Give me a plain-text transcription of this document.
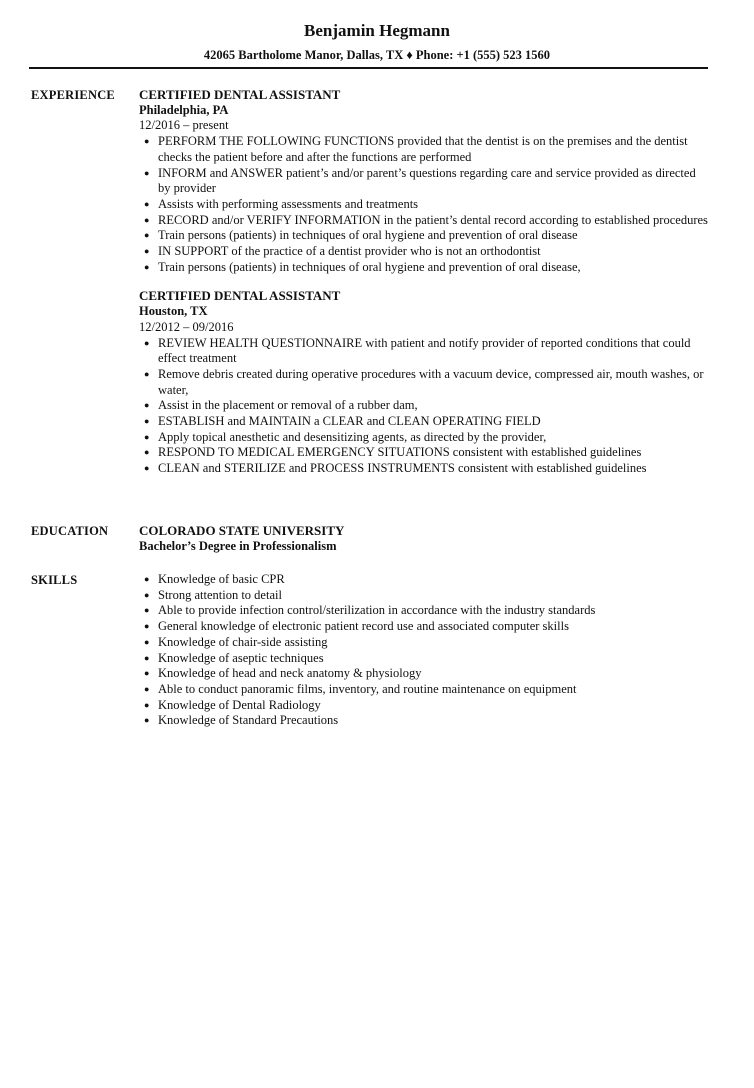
Benjamin Hegmann
42065 Bartholome Manor, Dallas, TX ♦ Phone: +1 (555) 523 1560
EXPERIENCE CERTIFIED DENTAL ASSISTANT
Philadelphia, PA
12/2016 – present
● PERFORM THE FOLLOWING FUNCTIONS provided that the dentist is on the premises and the dentist checks the patient before and after the functions are performed
● INFORM and ANSWER patient’s and/or parent’s questions regarding care and service provided as directed by provider
● Assists with performing assessments and treatments
● RECORD and/or VERIFY INFORMATION in the patient’s dental record according to established procedures
● Train persons (patients) in techniques of oral hygiene and prevention of oral disease
● IN SUPPORT of the practice of a dentist provider who is not an orthodontist
● Train persons (patients) in techniques of oral hygiene and prevention of oral disease,
CERTIFIED DENTAL ASSISTANT
Houston, TX
12/2012 – 09/2016
● REVIEW HEALTH QUESTIONNAIRE with patient and notify provider of reported conditions that could effect treatment
● Remove debris created during operative procedures with a vacuum device, compressed air, mouth washes, or water,
● Assist in the placement or removal of a rubber dam,
● ESTABLISH and MAINTAIN a CLEAR and CLEAN OPERATING FIELD
● Apply topical anesthetic and desensitizing agents, as directed by the provider,
● RESPOND TO MEDICAL EMERGENCY SITUATIONS consistent with established guidelines
● CLEAN and STERILIZE and PROCESS INSTRUMENTS consistent with established guidelines
EDUCATION COLORADO STATE UNIVERSITY
Bachelor’s Degree in Professionalism
SKILLS	● Knowledge of basic CPR
● Strong attention to detail
● Able to provide infection control/sterilization in accordance with the industry standards
● General knowledge of electronic patient record use and associated computer skills
● Knowledge of chair-side assisting
● Knowledge of aseptic techniques
● Knowledge of head and neck anatomy & physiology
● Able to conduct panoramic films, inventory, and routine maintenance on equipment
● Knowledge of Dental Radiology
● Knowledge of Standard Precautions
